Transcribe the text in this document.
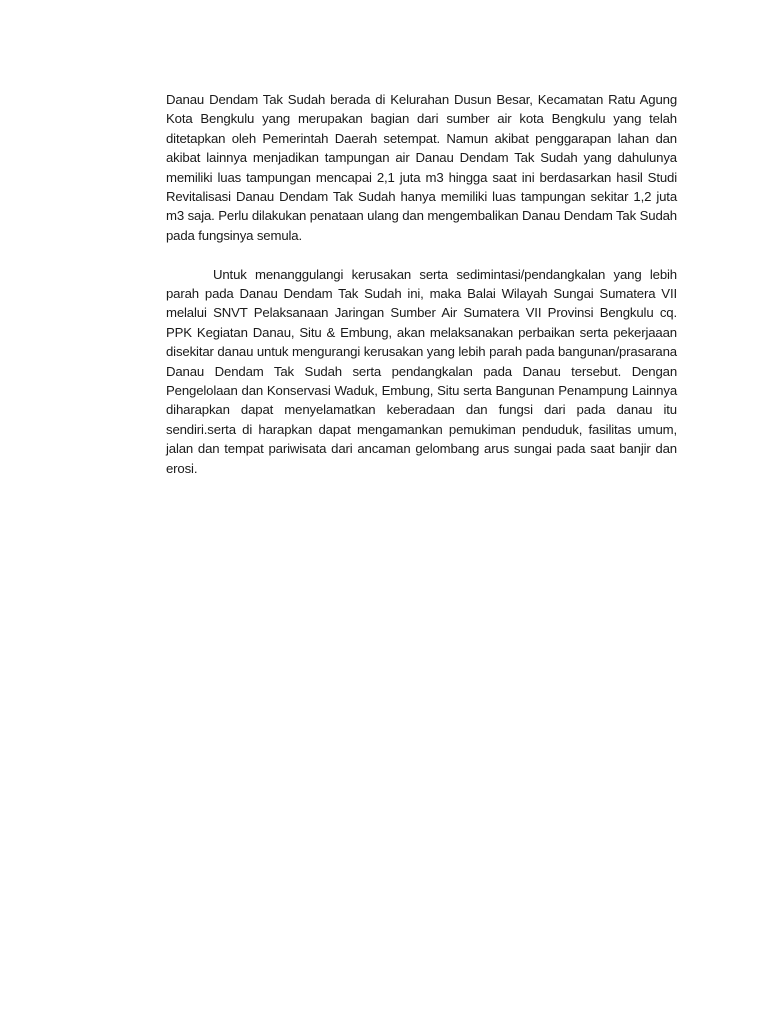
Danau Dendam Tak Sudah berada di Kelurahan Dusun Besar, Kecamatan Ratu Agung Kota Bengkulu yang merupakan bagian dari sumber air kota Bengkulu yang telah ditetapkan oleh Pemerintah Daerah setempat. Namun akibat penggarapan lahan dan akibat lainnya menjadikan tampungan air Danau Dendam Tak Sudah yang dahulunya memiliki luas tampungan mencapai 2,1 juta m3 hingga saat ini berdasarkan hasil Studi Revitalisasi Danau Dendam Tak Sudah hanya memiliki luas tampungan sekitar 1,2 juta m3 saja. Perlu dilakukan penataan ulang dan mengembalikan Danau Dendam Tak Sudah pada fungsinya semula.

Untuk menanggulangi kerusakan serta sedimintasi/pendangkalan yang lebih parah pada Danau Dendam Tak Sudah ini, maka Balai Wilayah Sungai Sumatera VII melalui SNVT Pelaksanaan Jaringan Sumber Air Sumatera VII Provinsi Bengkulu cq. PPK Kegiatan Danau, Situ & Embung, akan melaksanakan perbaikan serta pekerjaaan disekitar danau untuk mengurangi kerusakan yang lebih parah pada bangunan/prasarana Danau Dendam Tak Sudah serta pendangkalan pada Danau tersebut. Dengan Pengelolaan dan Konservasi Waduk, Embung, Situ serta Bangunan Penampung Lainnya diharapkan dapat menyelamatkan keberadaan dan fungsi dari pada danau itu sendiri.serta di harapkan dapat mengamankan pemukiman penduduk, fasilitas umum, jalan dan tempat pariwisata dari ancaman gelombang arus sungai pada saat banjir dan erosi.
